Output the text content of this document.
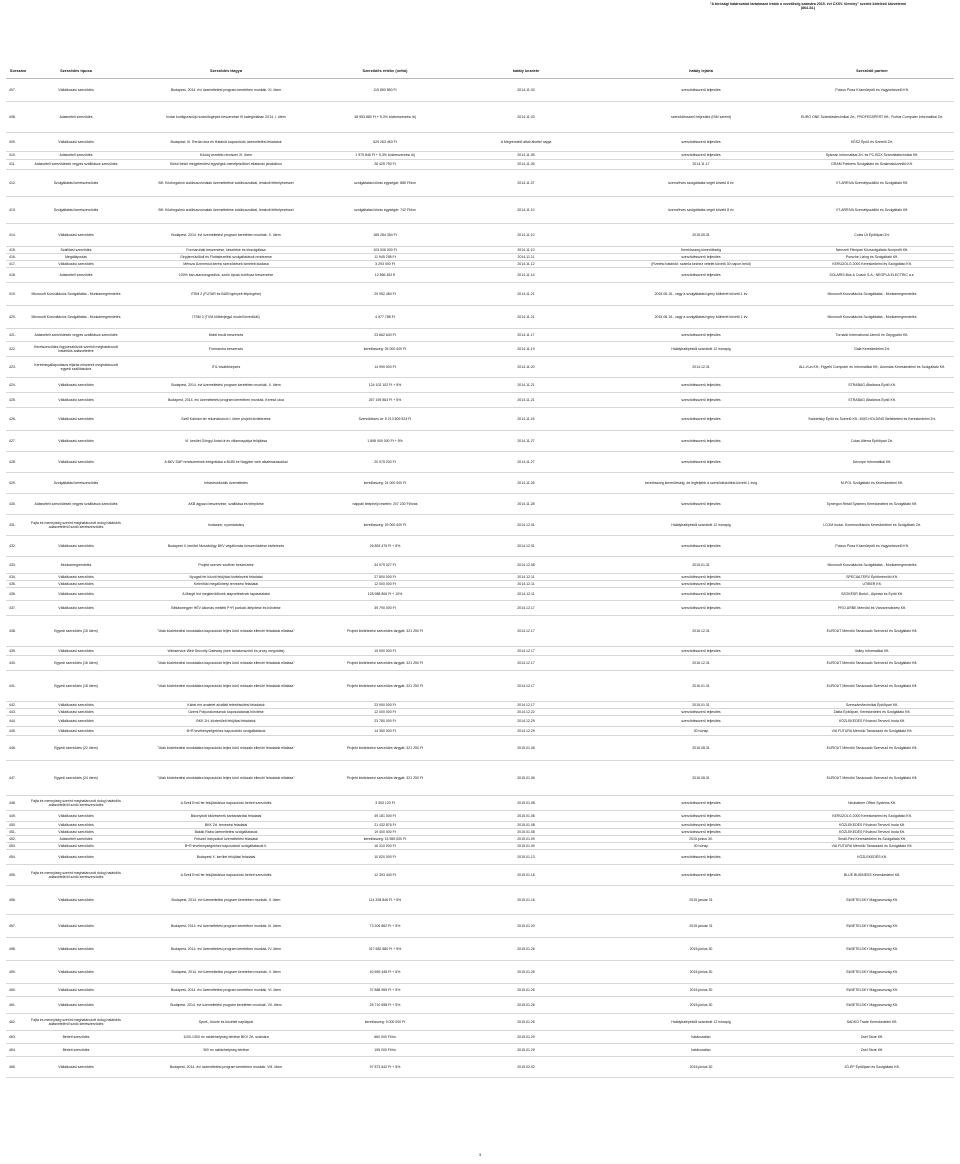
"A bírósági határozatot tartalmazó iratok a vezetőség számára 2015. évi CXXV. törvény" szerint kötelező közzétenni
(864.34.)
Sorszám	Szerződés típusa	Szerződés tárgya	Szerződés értéke (nettó)	hatály kezdete	hatály lejárta	Szerződő partner
407.	Vállalkozási szerződés	Budapest, 2014. évi üzemeltetési program keretében munkák. XI. ütem	115 850 550 Ft	2014.11.03	szerződésszerű teljesítés	Pulzus Plusz Közműépítő és Vagyonkezelő Kft.
408.	Adásvételi szerződés	Irodai konfigurációjú számítógépek beszerzése III kategóriában 2014. I. ütem	48 953 880 Ft + 5,3% közbeszerzési díj	2014.11.03	szerződésszerű teljesítés (ISM szerint)	EURO ONE Számítástechnikai Zrt.; PROFESSPERT Kft.; Ruhus Computer Informatikai Zrt.
409.	Vállalkozási szerződés	Budapest, III. Rerda utca és Határúti kapcsolódó üzemeltetési feladatok	629 263 463 Ft	A Megrendelő általi átvétel napja	szerződésszerű teljesítés	KÉSZ Építő és Szerelő Zrt.
410.	Adásvételi szerződés	Kőolaj vezetéki rendszer XI. ütem	1 979 846 Ft + 5,3% közbeszerzési díj	2014.11.05	szerződésszerű teljesítés	Sysman Informatikai Zrt. és PC-BOX Számítástechnikai Kft.
411.	Adásvételi szerződések vegyes szállításos szerződés	Külső belső megjelenítési egységek menetjelzőkkel ellátandó járatokhoz	26 425 750 Ft	2014.11.05	2014.11.17	DRAM Partners Szolgáltató és Szakmaközvetítő Kft.
412.	Szolgáltatási keretszerződés	BK: Közforgalmú autóbuszvonalak üzemeltetése autóbuszokkal, lerakott felhelyezéssel	szolgáltatási kiírás egységár: 885 Ft/km	2014.11.07	üzemi/éves szolgáltatás végét követő 8 év	VT-ARRIVA Személyszállító és Szolgáltató Kft.
413.	Szolgáltatási keretszerződés	BK: Közforgalmú autóbuszvonalak üzemeltetése autóbuszokkal, lerakott felhelyezéssel	szolgáltatási kiírás egységár: 742 Ft/km	2014.11.10	üzemi/éves szolgáltatás végét követő 8 év	VT-ARRIVA Személyszállító és Szolgáltató Kft.
414.	Vállalkozási szerződés	Budapest, 2014. évi üzemeltetési program keretében munkák. X. ütem	185 284 354 Ft	2014.11.10	2015.05.31	Colas Út Építőipari Zrt.
415.	Szállítási szerződés	Formaruhák beszerzése, készítése és kiszolgálása	103 006 000 Ft	2014.11.10	Keretösszeg kimerüléséig	Nemzeti Filmipari Közszolgáltató Nonprofit Kft.
416.	Megállapodás	Gépjárművillódi és Flottakezelési szolgáltatások rendezése	11 945 298 Ft	2014.11.11	szerződésszerű teljesítés	Porsche Lízing és Szolgáltató Kft.
417.	Vállalkozási szerződés	Mérsza Üzemmód kérési szerződések ismételt kiadása	3 293 000 Ft	2014.11.12	(Fizetési határidő: számla kézhez vételét követő 30 napon belül)	KERÜZOLG 2000 Kereskedelmi és Szolgáltató Kft.
418.	Adásvételi szerződés	100% ban alacsonypadlós, szóló típusú trolibusz beszerzése	12 856 452 €	2014.11.14	szerződésszerű teljesítés	SOLARIS Bus & Coach S.A.; NEOPLA ELECTRIC a.s.
419.	Microsoft Konzultációs Szolgáltatás - Munkamegrendelés	ITSM 2 (FUTAR és BUBI igények felpörgése)	29 992 484 Ft	2014.11.21	2015.06.15., vagy a szolgáltatási igény kötbérét követő 1 év	Microsoft Konzultációs Szolgáltatás - Munkamegrendelés
420.	Microsoft Konzultációs Szolgáltatás - Munkamegrendelés	ITSM 3 (TVM kötbérjegyű modell kivédődő)	4 977 788 Ft	2014.11.21	2015.06.15., vagy a szolgáltatási igény kötbérét követő 1 év	Microsoft Konzultációs Szolgáltatás - Munkamegrendelés
421.	Adásvételi szerződések vegyes szállításos szerződés	Mobil trucik beszerzés	23 662 640 Ft	2014.11.17	szerződésszerű teljesítés	Tornádó International Járműi és Gépgyártó Kft.
422.	Keretszerződés fogyóeszközök szerinti meghatározott határidős adásvételére	Formaruha beszerzés	keretösszeg: 25 000 000 Ft	2014.11.19	Hatálybalépéstől számított 12 hónapig	Gála Kereskedelmi Zrt.
423.	Keretmegállapodásos eljárás miszerint meghatározott egyedi szállításokra	ITIL továbbképzés	14 990 000 Ft	2014.11.20	2014.12.31	ALL-Kun Kft.; Figyelő Computer és Informatikai Kft.; Acendas Kereskedelmi és Szolgáltató Kft.
424.	Vállalkozási szerződés	Budapest, 2014. évi üzemeltetési program keretében munkák. X. ütem	124 102 102 Ft + 5%	2014.11.21	szerződésszerű teljesítés	STRABAG Általános Építő Kft.
425.	Vállalkozási szerződés	Budapest, 2014. évi üzemeltetési program keretében munkák. Kereső utca	267 159 863 Ft + 5%	2014.11.21	szerződésszerű teljesítés	STRABAG Általános Építő Kft.
426.	Vállalkozási szerződés	Széll Kálmán tér rekonstrukció I. ütem projekt kivitelezése	Szerződéses ár: 5 213 809 524 Ft	2014.11.24	szerződésszerű teljesítés	Swietelsky Építő és Szerelő Kft.; MÜS HOLDING Befektetési és Kereskedelmi Zrt.
427.	Vállalkozási szerződés	VI. kerület Göngyi Antal út és villamospálya felújítása	1 898 000 000 Ft + 5%	2014.11.27	szerződésszerű teljesítés	Colas Alterra Építőipari Zrt.
428.	Vállalkozási szerződés	A BKV SAP rendszerének integrálása a BUBI és Nagyker web alkalmazásokkal	20 975 200 Ft	2014.11.27	szerződésszerű teljesítés	Decorpe Informatikai Kft.
429.	Szolgáltatási keretszerződés	Infrastrukturális üzemeltetés	keretösszeg: 24 000 000 Ft	2014.11.26	keretösszeg kimerüléséig, de legfeljebb a szerződéskötést követő 1 évig	M-POL Szolgáltató és Kereskedelmi Kft.
430.	Adásvételi szerződések vegyes szállításos szerződés	AKB ágyazó beszerzése, szállítása és telepítése	nappali telephelyi esetén: 207 230 Ft/órás	2014.11.28	szerződésszerű teljesítés	Synergon Retail Systems Kereskedelmi és Szolgáltató Kft.
431.	Fajta és mennyiség szerint meghatározott dolog határidős adásvételéről szóló keretszerződés	Irodaszer, nyomtatvány	keretösszeg: 29 000 000 Ft	2014.12.01	Hatálybalépéstől számított 12 hónapig	I-COM Irodai- Kommunikációs Kereskedelmi és Szolgáltató Zrt.
432.	Vállalkozási szerződés	Budapest II. kerület Nizsalvölgy BKV végállomás korszerűsítése kivitelezés	26 853 475 Ft + 5%	2014.12.01	szerződésszerű teljesítés	Pulzus Plusz Közműépítő és Vagyonkezelő Kft.
433.	Munkamegrendelés	Projekt szerver szoftver beszerzése	34 975 027 Ft	2014.12.08	2015.01.31	Microsoft Konzultációs Szolgáltatás - Munkamegrendelés
434.	Vállalkozási szerződés	Nyugati tér közúti felújítási kivitelezési feladatai	27 800 000 Ft	2014.12.11	szerződésszerű teljesítés	SPECIALTERV Építőmérnöki Kft.
435.	Vállalkozási szerződés	Kelenföld megállóhelyi tervezési feladatai	12 000 000 Ft	2014.12.11	szerződésszerű teljesítés	UTIBER Kft.
436.	Vállalkozási szerződés	A Margit híd megkerülőknek alapvetésének tapasztalatai	128 988 806 Ft + 10%	2014.12.11	szerződésszerű teljesítés	SZOKÉSR Burkő-, Alpiniss és Építő Kft.
437.	Vállalkozási szerződés	Békásmegyer HÉV állomás melletti P+R parkoló átépítése és bővítése	39 790 000 Ft	2014.12.17	szerződésszerű teljesítés	PRO-URBE Mérnöki és Városrendezési Kft.
438.	Egyedi szerződés (15 ütem)	"Utak közlekedési munkálatra kapcsolódó teljes körű műszaki ellenőri feladatok ellátása"	Projekt kivitelezési szerződés tárgyát: 321 250 Ft	2014.12.17	2016.12.31	EUROUT Mérnöki Tanácsadó Szervező és Szolgáltató Kft.
439.	Vállalkozási szerződés	Webservice Web Security Gateway (web tartalomszűrő és proxy megoldás)	19 900 000 Ft	2014.12.17	szerződésszerű teljesítés	Valley Informatikai Kft.
440.	Egyedi szerződés (16 ütem)	"Utak közlekedési munkálatra kapcsolódó teljes körű műszaki ellenőri feladatok ellátása"	Projekt kivitelezési szerződés tárgyát: 321 250 Ft	2014.12.17	2016.12.31	EUROUT Mérnöki Tanácsadó Szervező és Szolgáltató Kft.
441.	Egyedi szerződés (18 ütem)	"Utak közlekedési munkálatra kapcsolódó teljes körű műszaki ellenőri feladatok ellátása"	Projekt kivitelezési szerződés tárgyát: 321 250 Ft	2014.12.17	2016.01.31	EUROUT Mérnöki Tanácsadó Szervező és Szolgáltató Kft.
442.	Vállalkozási szerződés	Kábel ént avaletet alvállalt tetésfrissítési feladatok	23 900 000 Ft	2014.12.17	2015.01.31	Szerszám/technikai Építőipari Kft.
443.	Vállalkozási szerződés	Üzemi Polyuralumiumok kapcsolatának bővítése	12 000 000 Ft	2014.12.22	szerződésszerű teljesítés	Zákta Építőipari, Kereskedelmi és Szolgáltató Kft.
444.	Vállalkozási szerződés	BKK Zrt. közterületi felújítási feladatok	23 780 000 Ft	2014.12.29	szerződésszerű teljesítés	KÖZLEKEDÉS Fővárosi Tervező Iroda Kft.
445.	Vállalkozási szerződés	B+R tevékenységekhez kapcsolódó szolgáltatások	14 350 000 Ft	2014.12.29	30 hónap	VIA FUTURA Mérnöki Tanácsadó és Szolgáltató Kft.
446.	Egyedi szerződés (22 ütem)	"Utak közlekedési munkálatra kapcsolódó teljes körű műszaki ellenőri feladatok ellátása"	Projekt kivitelezési szerződés tárgyát: 321 250 Ft	2015.01.06	2016.08.31	EUROUT Mérnöki Tanácsadó Szervező és Szolgáltató Kft.
447.	Egyedi szerződés (24 ütem)	"Utak közlekedési munkálatra kapcsolódó teljes körű műszaki ellenőri feladatok ellátása"	Projekt kivitelezési szerződés tárgyát: 321 250 Ft	2015.01.06	2016.08.31	EUROUT Mérnöki Tanácsadó Szervező és Szolgáltató Kft.
448.	Fajta és mennyiség szerint meghatározott dolog határidős adásvételéről szóló keretszerződés	A Széll Ernő tér felújításához kapcsolódó bérleti szerződés	3 393 120 Ft	2015.01.08	szerződésszerű teljesítés	Neubaltner Office Systems Kft.
449.	Vállalkozási szerződés	Bizonyított kitörésének karbantartási feladatai	49 181 000 Ft	2015.01.08	szerződésszerű teljesítés	KERÜZOLG 2000 Kereskedelmi és Szolgáltató Kft.
450.	Vállalkozási szerződés	BKK Zrt. tervezési feladatai	21 432 876 Ft	2015.01.08	szerződésszerű teljesítés	KÖZLEKEDÉS Fővárosi Tervező Iroda Kft.
451.	Vállalkozási szerződés	Bakák Rába üzemeltetési szolgáltatások	19 400 000 Ft	2015.01.08	szerződésszerű teljesítés	KÖZLEKEDÉS Fővárosi Tervező Iroda Kft.
452.	Adásvételi szerződés	Felszíni irányzatok üzemeltetési feladatai	keretösszeg: 15 555 000 Ft	2015.01.09	2015.június 30.	Small-Flex Kereskedelmi és Szolgáltató Kft.
453.	Vállalkozási szerződés	B+R tevékenységekhez kapcsolódó szolgáltatások II.	16 310 000 Ft	2015.01.09	30 hónap	VIA FUTURA Mérnöki Tanácsadó és Szolgáltató Kft.
454.	Vállalkozási szerződés	Budapest X. kerület felújítási feladatai	10 820 000 Ft	2015.01.13	szerződésszerű teljesítés	KÖZLEKEDÉS Kft.
455.	Fajta és mennyiség szerint meghatározott dolog határidős adásvételéről szóló keretszerződés	A Széll Ernő tér felújításához kapcsolódó bérleti szerződés	12 393 440 Ft	2015.01.16	szerződésszerű teljesítés	BLUE BUSINESS Kereskedelmi Kft.
456.	Vállalkozási szerződés	Budapest, 2014. évi üzemeltetési program keretében munkák. II. ütem	114 328 846 Ft + 5%	2015.01.16	2015.január 31	SWIETELSKY Magyarország Kft.
457.	Vállalkozási szerződés	Budapest, 2014. évi üzemeltetési program keretében munkák. III. ütem	73 206 862 Ft + 5%	2015.01.20	2015.január 31	SWIETELSKY Magyarország Kft.
458.	Vállalkozási szerződés	Budapest, 2014. évi üzemeltetési program keretében munkák. IV. ütem	317 682 880 Ft + 5%	2015.01.26	2015.június 30	SWIETELSKY Magyarország Kft.
459.	Vállalkozási szerződés	Budapest, 2014. évi üzemeltetési program keretében munkák. V. ütem	40 659 448 Ft + 5%	2015.01.26	2015.június 30	SWIETELSKY Magyarország Kft.
460.	Vállalkozási szerződés	Budapest, 2014. évi üzemeltetési program keretében munkák. VI. ütem	37 888 969 Ft + 5%	2015.01.26	2015.június 30	SWIETELSKY Magyarország Kft.
461.	Vállalkozási szerződés	Budapest, 2014. évi üzemeltetési program keretében munkák. VII. ütem	25 710 698 Ft + 5%	2015.01.26	2015.június 30	SWIETELSKY Magyarország Kft.
462.	Fajta és mennyiség szerint meghatározott dolog határidős adásvételéről szóló keretszerződés	Sport-, bulvár és közéleti napilapok	keretösszeg: 9 000 000 Ft	2015.01.26	Hatálybalépéstől számított 12 hónapig	SADKO Trade Kereskedelmi Kft.
463.	Bérleti szerződés	1100-1300 m² raktárhelyiség bérlése BKV Zrt. számára	660 000 Ft/hó	2015.01.29	határozatlan	Zsel Store Kft.
464.	Bérleti szerződés	300 m² raktárhelyiség bérlése	195 000 Ft/hó	2015.01.29	határozatlan	Zsel Store Kft.
465.	Vállalkozási szerződés	Budapest, 2014. évi üzemeltetési program keretében munkák. VIII. ütem	97 873 642 Ft + 5%	2015.02.02	2015.június 30	JÓ-ÉP Építőipari és Szolgáltató Kft.
3
